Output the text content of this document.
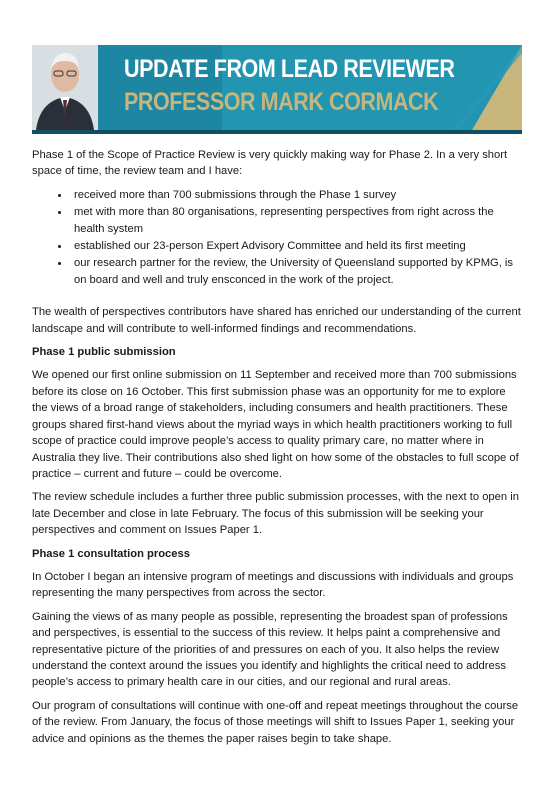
UPDATE FROM LEAD REVIEWER
PROFESSOR MARK CORMACK

Phase 1 of the Scope of Practice Review is very quickly making way for Phase 2. In a very short space of time, the review team and I have:

• received more than 700 submissions through the Phase 1 survey
• met with more than 80 organisations, representing perspectives from right across the health system
• established our 23-person Expert Advisory Committee and held its first meeting
• our research partner for the review, the University of Queensland supported by KPMG, is on board and well and truly ensconced in the work of the project.

The wealth of perspectives contributors have shared has enriched our understanding of the current landscape and will contribute to well-informed findings and recommendations.

Phase 1 public submission

We opened our first online submission on 11 September and received more than 700 submissions before its close on 16 October. This first submission phase was an opportunity for me to explore the views of a broad range of stakeholders, including consumers and health practitioners. These groups shared first-hand views about the myriad ways in which health practitioners working to full scope of practice could improve people’s access to quality primary care, no matter where in Australia they live. Their contributions also shed light on how some of the obstacles to full scope of practice – current and future – could be overcome.

The review schedule includes a further three public submission processes, with the next to open in late December and close in late February. The focus of this submission will be seeking your perspectives and comment on Issues Paper 1.

Phase 1 consultation process

In October I began an intensive program of meetings and discussions with individuals and groups representing the many perspectives from across the sector.

Gaining the views of as many people as possible, representing the broadest span of professions and perspectives, is essential to the success of this review. It helps paint a comprehensive and representative picture of the priorities of and pressures on each of you. It also helps the review understand the context around the issues you identify and highlights the critical need to address people’s access to primary health care in our cities, and our regional and rural areas.

Our program of consultations will continue with one-off and repeat meetings throughout the course of the review. From January, the focus of those meetings will shift to Issues Paper 1, seeking your advice and opinions as the themes the paper raises begin to take shape.
